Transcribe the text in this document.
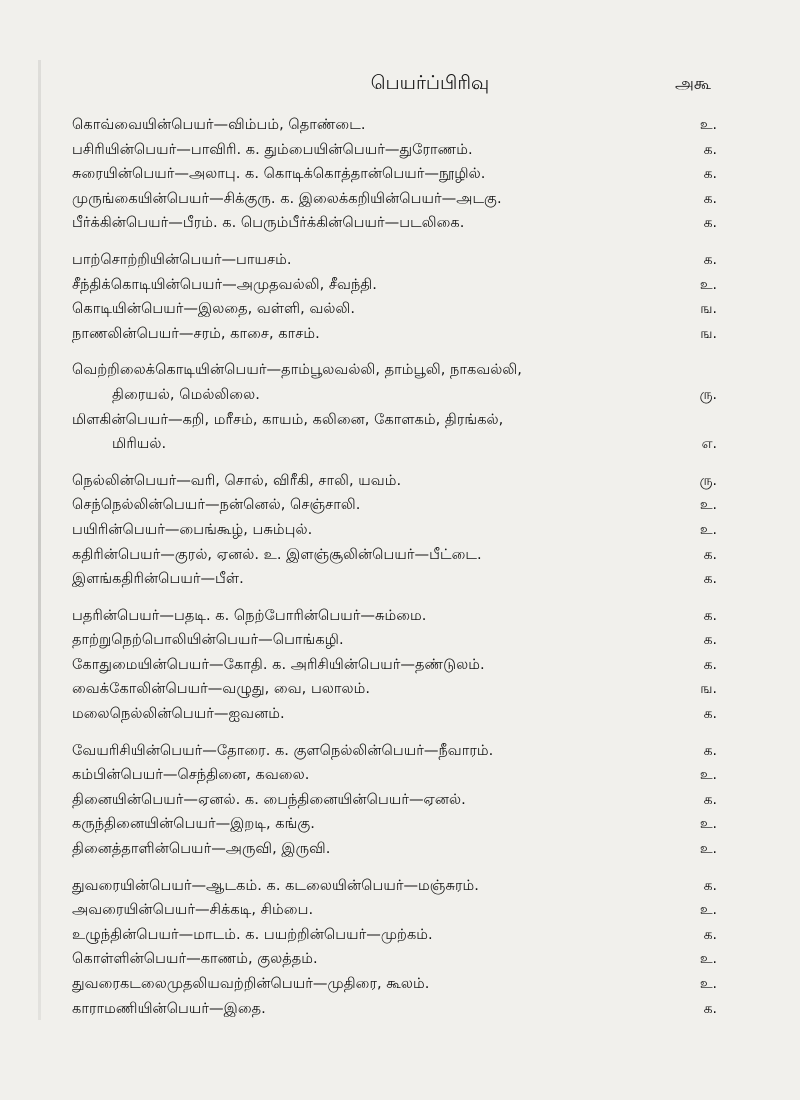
பெயர்ப்பிரிவு	அகூ
கொவ்வையின்பெயர்—விம்பம், தொண்டை.	உ.
பசிரியின்பெயர்—பாவிரி. க. தும்பையின்பெயர்—துரோணம்.	க.
சுரையின்பெயர்—அலாபு. க. கொடிக்கொத்தான்பெயர்—நூழில்.	க.
முருங்கையின்பெயர்—சிக்குரு. க. இலைக்கறியின்பெயர்—அடகு.	க.
பீர்க்கின்பெயர்—பீரம். க. பெரும்பீர்க்கின்பெயர்—படலிகை.	க.
பாற்சொற்றியின்பெயர்—பாயசம்.	க.
சீந்திக்கொடியின்பெயர்—அமுதவல்லி, சீவந்தி.	உ.
கொடியின்பெயர்—இலதை, வள்ளி, வல்லி.	ங.
நாணலின்பெயர்—சரம், காசை, காசம்.	ங.
வெற்றிலைக்கொடியின்பெயர்—தாம்பூலவல்லி, தாம்பூலி, நாகவல்லி,
திரையல், மெல்லிலை.	ரு.
மிளகின்பெயர்—கறி, மரீசம், காயம், கலினை, கோளகம், திரங்கல்,
மிரியல்.	எ.
நெல்லின்பெயர்—வரி, சொல், விரீகி, சாலி, யவம்.	ரு.
செந்நெல்லின்பெயர்—நன்னெல், செஞ்சாலி.	உ.
பயிரின்பெயர்—பைங்கூழ், பசும்புல்.	உ.
கதிரின்பெயர்—குரல், ஏனல். உ. இளஞ்சூலின்பெயர்—பீட்டை.	க.
இளங்கதிரின்பெயர்—பீள்.	க.
பதரின்பெயர்—பதடி. க. நெற்போரின்பெயர்—சும்மை.	க.
தாற்றுநெற்பொலியின்பெயர்—பொங்கழி.	க.
கோதுமையின்பெயர்—கோதி. க. அரிசியின்பெயர்—தண்டுலம்.	க.
வைக்கோலின்பெயர்—வழுது, வை, பலாலம்.	ங.
மலைநெல்லின்பெயர்—ஐவனம்.	க.
வேயரிசியின்பெயர்—தோரை. க. குளநெல்லின்பெயர்—நீவாரம்.	க.
கம்பின்பெயர்—செந்தினை, கவலை.	உ.
தினையின்பெயர்—ஏனல். க. பைந்தினையின்பெயர்—ஏனல்.	க.
கருந்தினையின்பெயர்—இறடி, கங்கு.	உ.
தினைத்தாளின்பெயர்—அருவி, இருவி.	உ.
துவரையின்பெயர்—ஆடகம். க. கடலையின்பெயர்—மஞ்சுரம்.	க.
அவரையின்பெயர்—சிக்கடி, சிம்பை.	உ.
உழுந்தின்பெயர்—மாடம். க. பயற்றின்பெயர்—முற்கம்.	க.
கொள்ளின்பெயர்—காணம், குலத்தம்.	உ.
துவரைகடலைமுதலியவற்றின்பெயர்—முதிரை, கூலம்.	உ.
காராமணியின்பெயர்—இதை.	க.
